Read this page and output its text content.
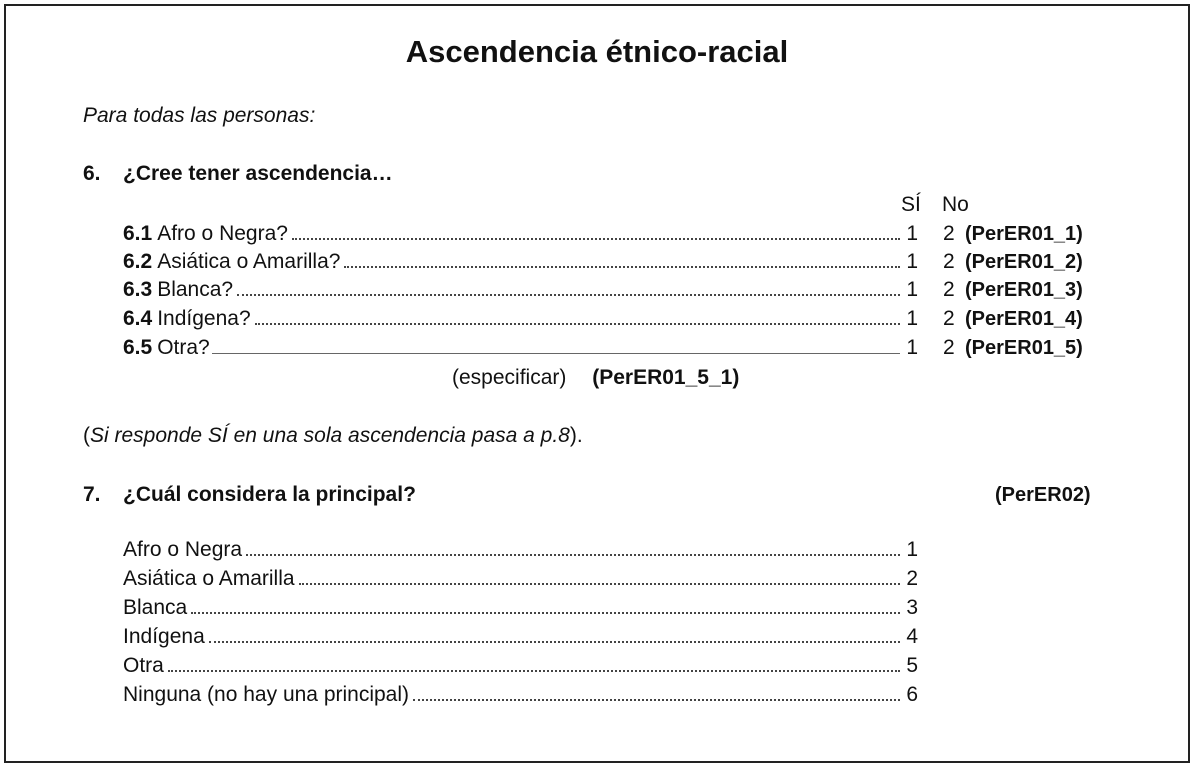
Ascendencia étnico-racial
Para todas las personas:
6. ¿Cree tener ascendencia…
SÍ No
6.1 Afro o Negra?	1 2 (PerER01_1)
6.2 Asiática o Amarilla?	1 2 (PerER01_2)
6.3 Blanca?	1 2 (PerER01_3)
6.4 Indígena?	1 2 (PerER01_4)
6.5 Otra?	1 2 (PerER01_5)
(especificar) (PerER01_5_1)
(Si responde SÍ en una sola ascendencia pasa a p.8).
7. ¿Cuál considera la principal?	(PerER02)
Afro o Negra	1
Asiática o Amarilla	2
Blanca	3
Indígena	4
Otra	5
Ninguna (no hay una principal)	6
